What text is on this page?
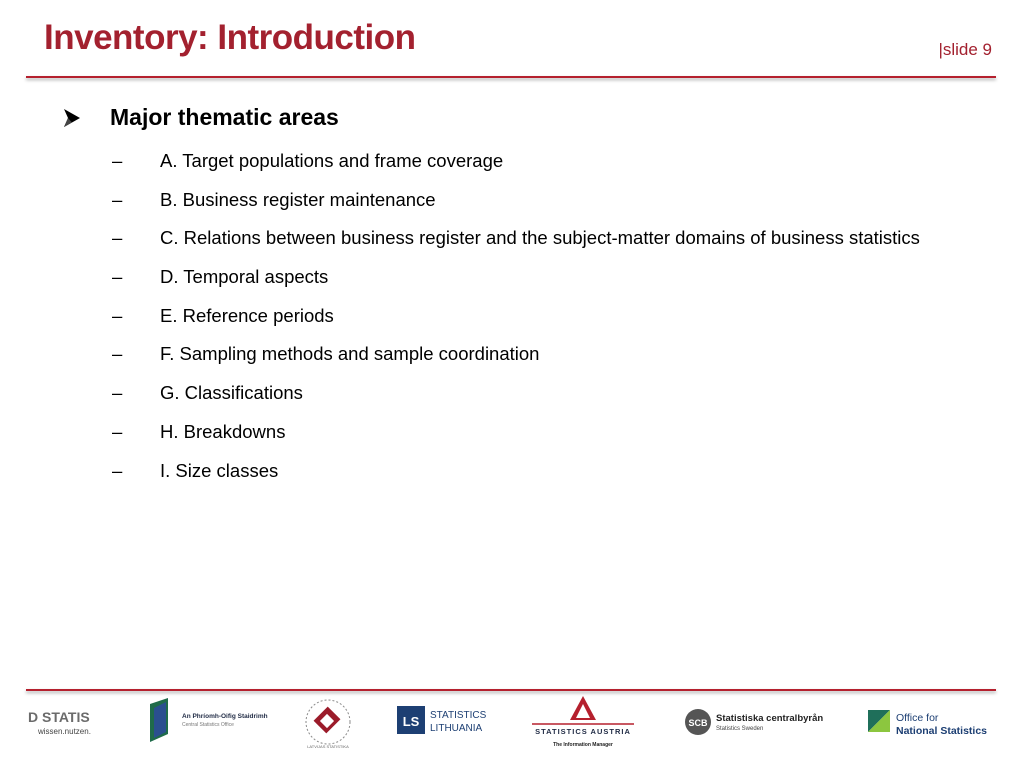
Inventory: Introduction	|slide 9
Major thematic areas
–	A. Target populations and frame coverage
–	B. Business register maintenance
–	C. Relations between business register and the subject-matter domains of business statistics
–	D. Temporal aspects
–	E. Reference periods
–	F. Sampling methods and sample coordination
–	G. Classifications
–	H. Breakdowns
–	I. Size classes
D STATIS
wissen.nutzen.
An Phríomh-Oifig Staidrimh
Central Statistics Office
LATVIJAS STATISTIKA
LS STATISTICS
LITHUANIA	STATISTICS AUSTRIA
The Information Manager
SCB Statistiska centralbyrån
Statistics Sweden
Office for
National Statistics
